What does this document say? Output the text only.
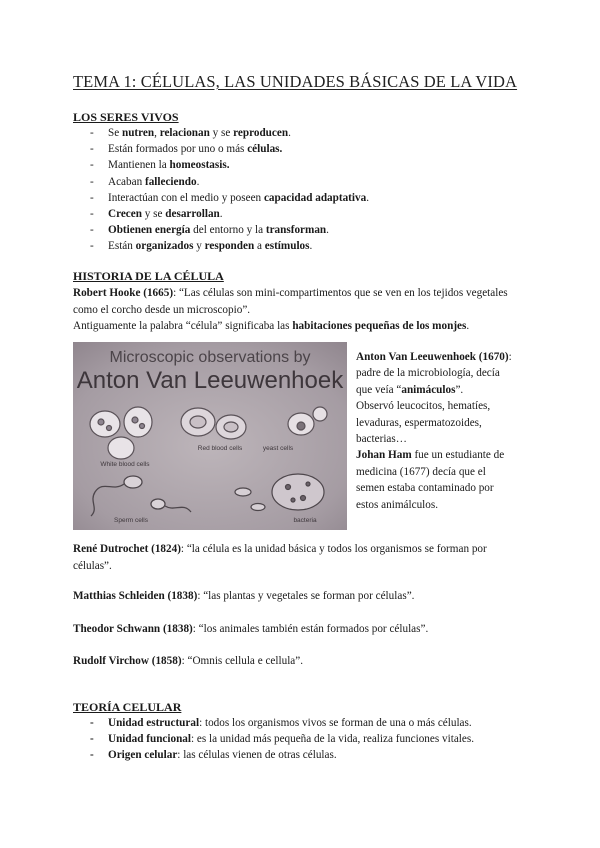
TEMA 1: CÉLULAS, LAS UNIDADES BÁSICAS DE LA VIDA
LOS SERES VIVOS
- Se nutren, relacionan y se reproducen.
- Están formados por uno o más células.
- Mantienen la homeostasis.
- Acaban falleciendo.
- Interactúan con el medio y poseen capacidad adaptativa.
- Crecen y se desarrollan.
- Obtienen energía del entorno y la transforman.
- Están organizados y responden a estímulos.
HISTORIA DE LA CÉLULA
Robert Hooke (1665): “Las células son mini-compartimentos que se ven en los tejidos vegetales como el corcho desde un microscopio”.
Antiguamente la palabra “célula” significaba las habitaciones pequeñas de los monjes.
Microscopic observations by
Anton Van Leeuwenhoek
White blood cells
Red blood cells	yeast cells
Sperm cells	bacteria
Anton Van Leeuwenhoek (1670):
padre de la microbiología, decía
que veía “animáculos”.
Observó leucocitos, hematíes,
levaduras, espermatozoides,
bacterias…
Johan Ham fue un estudiante de
medicina (1677) decía que el
semen estaba contaminado por
estos animálculos.
René Dutrochet (1824): “la célula es la unidad básica y todos los organismos se forman por células”.
Matthias Schleiden (1838): “las plantas y vegetales se forman por células”.
Theodor Schwann (1838): “los animales también están formados por células”.
Rudolf Virchow (1858): “Omnis cellula e cellula”.
TEORÍA CELULAR
- Unidad estructural: todos los organismos vivos se forman de una o más células.
- Unidad funcional: es la unidad más pequeña de la vida, realiza funciones vitales.
- Origen celular: las células vienen de otras células.
